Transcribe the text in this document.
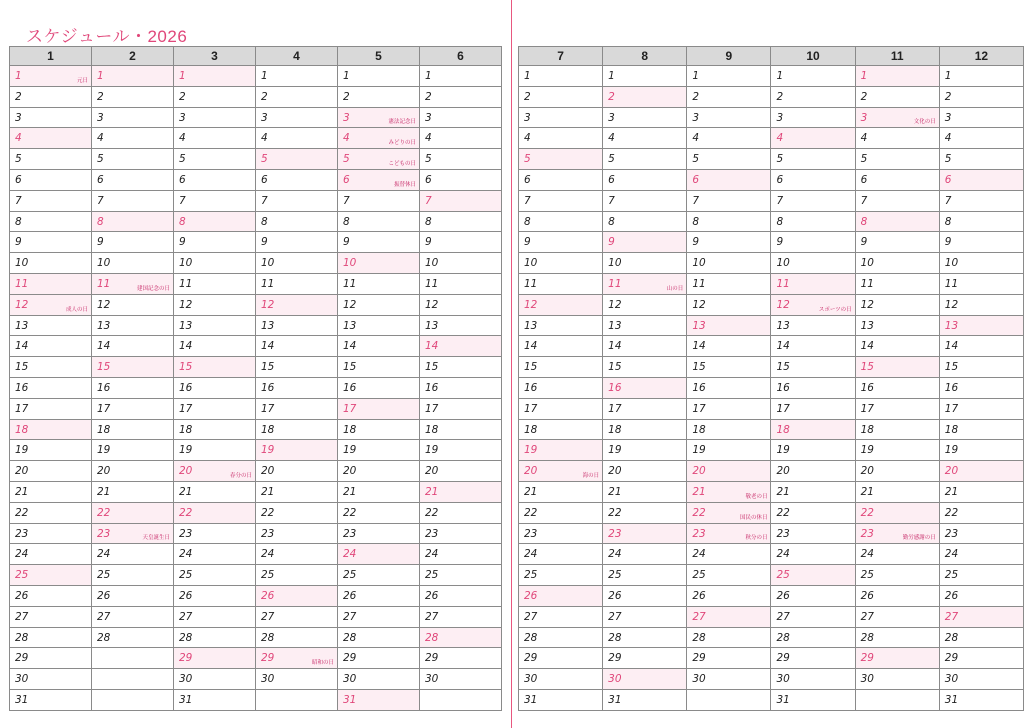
スケジュール・2026
1	2	3	4	5	6

1 元日	1	1	1	1	1

2	2	2	2	2	2

3	3	3	3	3 憲法記念日	3

4	4	4	4	4 みどりの日	4

5	5	5	5	5 こどもの日	5

6	6	6	6	6 振替休日	6

7	7	7	7	7	7

8	8	8	8	8	8

9	9	9	9	9	9

10	10	10	10	10	10

11	11 建国記念の日	11	11	11	11

12 成人の日	12	12	12	12	12

13	13	13	13	13	13

14	14	14	14	14	14

15	15	15	15	15	15

16	16	16	16	16	16

17	17	17	17	17	17

18	18	18	18	18	18

19	19	19	19	19	19

20	20	20 春分の日	20	20	20

21	21	21	21	21	21

22	22	22	22	22	22

23	23 天皇誕生日	23	23	23	23

24	24	24	24	24	24

25	25	25	25	25	25

26	26	26	26	26	26

27	27	27	27	27	27

28	28	28	28	28	28

29		29	29 昭和の日	29	29

30		30	30	30	30

31		31		31	

7	8	9	10	11	12

1	1	1	1	1	1

2	2	2	2	2	2

3	3	3	3	3 文化の日	3

4	4	4	4	4	4

5	5	5	5	5	5

6	6	6	6	6	6

7	7	7	7	7	7

8	8	8	8	8	8

9	9	9	9	9	9

10	10	10	10	10	10

11	11 山の日	11	11	11	11

12	12	12	12 スポーツの日	12	12

13	13	13	13	13	13

14	14	14	14	14	14

15	15	15	15	15	15

16	16	16	16	16	16

17	17	17	17	17	17

18	18	18	18	18	18

19	19	19	19	19	19

20 海の日	20	20	20	20	20

21	21	21 敬老の日	21	21	21

22	22	22 国民の休日	22	22	22

23	23	23 秋分の日	23	23 勤労感謝の日	23

24	24	24	24	24	24

25	25	25	25	25	25

26	26	26	26	26	26

27	27	27	27	27	27

28	28	28	28	28	28

29	29	29	29	29	29

30	30	30	30	30	30

31	31		31		31
